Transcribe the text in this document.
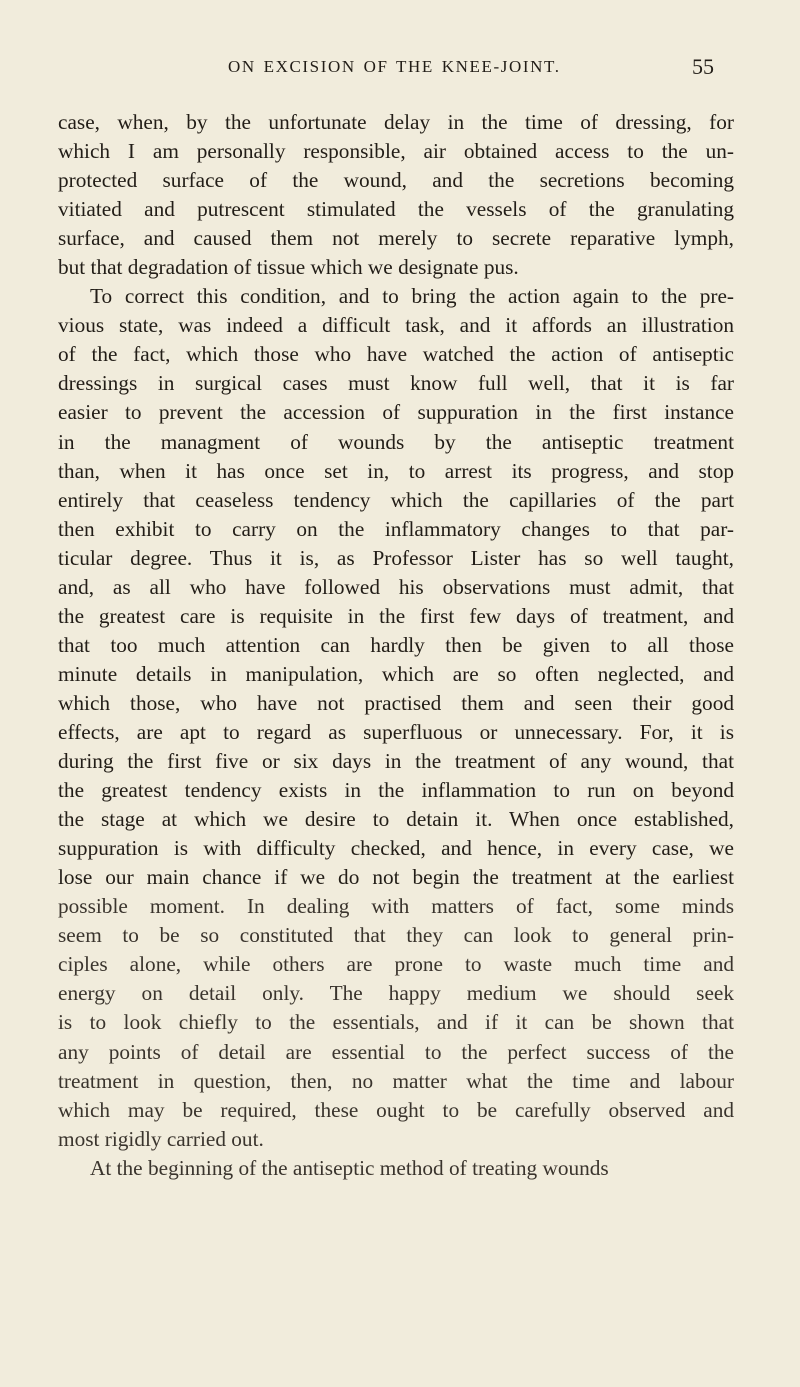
ON EXCISION OF THE KNEE-JOINT.	55
case, when, by the unfortunate delay in the time of dressing, for
which I am personally responsible, air obtained access to the un-
protected surface of the wound, and the secretions becoming
vitiated and putrescent stimulated the vessels of the granulating
surface, and caused them not merely to secrete reparative lymph,
but that degradation of tissue which we designate pus.
To correct this condition, and to bring the action again to the pre-
vious state, was indeed a difficult task, and it affords an illustration
of the fact, which those who have watched the action of antiseptic
dressings in surgical cases must know full well, that it is far
easier to prevent the accession of suppuration in the first instance
in the managment of wounds by the antiseptic treatment
than, when it has once set in, to arrest its progress, and stop
entirely that ceaseless tendency which the capillaries of the part
then exhibit to carry on the inflammatory changes to that par-
ticular degree. Thus it is, as Professor Lister has so well taught,
and, as all who have followed his observations must admit, that
the greatest care is requisite in the first few days of treatment, and
that too much attention can hardly then be given to all those
minute details in manipulation, which are so often neglected, and
which those, who have not practised them and seen their good
effects, are apt to regard as superfluous or unnecessary. For, it is
during the first five or six days in the treatment of any wound, that
the greatest tendency exists in the inflammation to run on beyond
the stage at which we desire to detain it. When once established,
suppuration is with difficulty checked, and hence, in every case, we
lose our main chance if we do not begin the treatment at the earliest
possible moment. In dealing with matters of fact, some minds
seem to be so constituted that they can look to general prin-
ciples alone, while others are prone to waste much time and
energy on detail only. The happy medium we should seek
is to look chiefly to the essentials, and if it can be shown that
any points of detail are essential to the perfect success of the
treatment in question, then, no matter what the time and labour
which may be required, these ought to be carefully observed and
most rigidly carried out.
At the beginning of the antiseptic method of treating wounds
